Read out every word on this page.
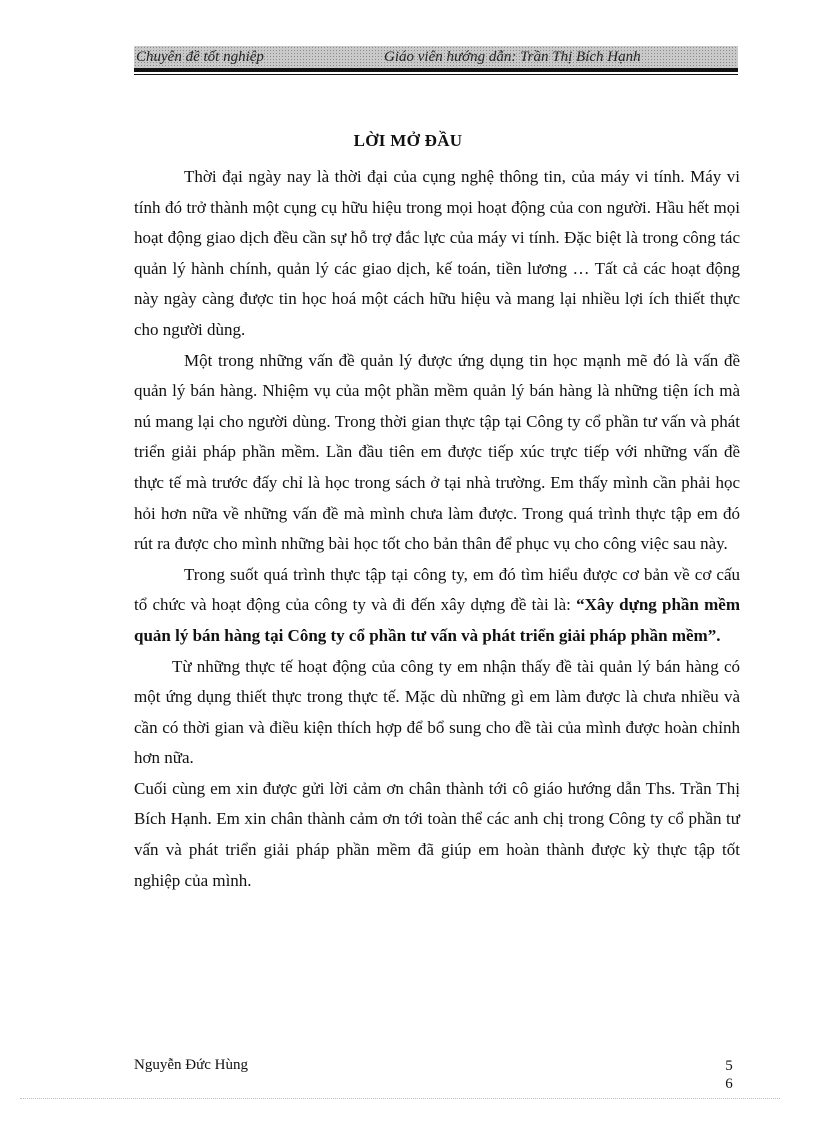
Chuyên đề tốt nghiệp	Giáo viên hướng dẫn: Trần Thị Bích Hạnh
LỜI MỞ ĐẦU

Thời đại ngày nay là thời đại của cụng nghệ thông tin, của máy vi tính. Máy vi tính đó trở thành một cụng cụ hữu hiệu trong mọi hoạt động của con người. Hầu hết mọi hoạt động giao dịch đều cần sự hỗ trợ đắc lực của máy vi tính. Đặc biệt là trong công tác quản lý hành chính, quản lý các giao dịch, kế toán, tiền lương … Tất cả các hoạt động này ngày càng được tin học hoá một cách hữu hiệu và mang lại nhiều lợi ích thiết thực cho người dùng.

Một trong những vấn đề quản lý được ứng dụng tin học mạnh mẽ đó là vấn đề quản lý bán hàng. Nhiệm vụ của một phần mềm quản lý bán hàng là những tiện ích mà nú mang lại cho người dùng. Trong thời gian thực tập tại Công ty cổ phần tư vấn và phát triển giải pháp phần mềm. Lần đầu tiên em được tiếp xúc trực tiếp với những vấn đề thực tế mà trước đấy chỉ là học trong sách ở tại nhà trường. Em thấy mình cần phải học hỏi hơn nữa về những vấn đề mà mình chưa làm được. Trong quá trình thực tập em đó rút ra được cho mình những bài học tốt cho bản thân để phục vụ cho công việc sau này.

Trong suốt quá trình thực tập tại công ty, em đó tìm hiểu được cơ bản về cơ cấu tổ chức và hoạt động của công ty và đi đến xây dựng đề tài là: “Xây dựng phần mềm quản lý bán hàng tại Công ty cổ phần tư vấn và phát triển giải pháp phần mềm”.

Từ những thực tế hoạt động của công ty em nhận thấy đề tài quản lý bán hàng có một ứng dụng thiết thực trong thực tế. Mặc dù những gì em làm được là chưa nhiều và cần có thời gian và điều kiện thích hợp để bổ sung cho đề tài của mình được hoàn chỉnh hơn nữa.

Cuối cùng em xin được gửi lời cảm ơn chân thành tới cô giáo hướng dẫn Ths. Trần Thị Bích Hạnh. Em xin chân thành cảm ơn tới toàn thể các anh chị trong Công ty cổ phần tư vấn và phát triển giải pháp phần mềm đã giúp em hoàn thành được kỳ thực tập tốt nghiệp của mình.

Nguyễn Đức Hùng	5
6
